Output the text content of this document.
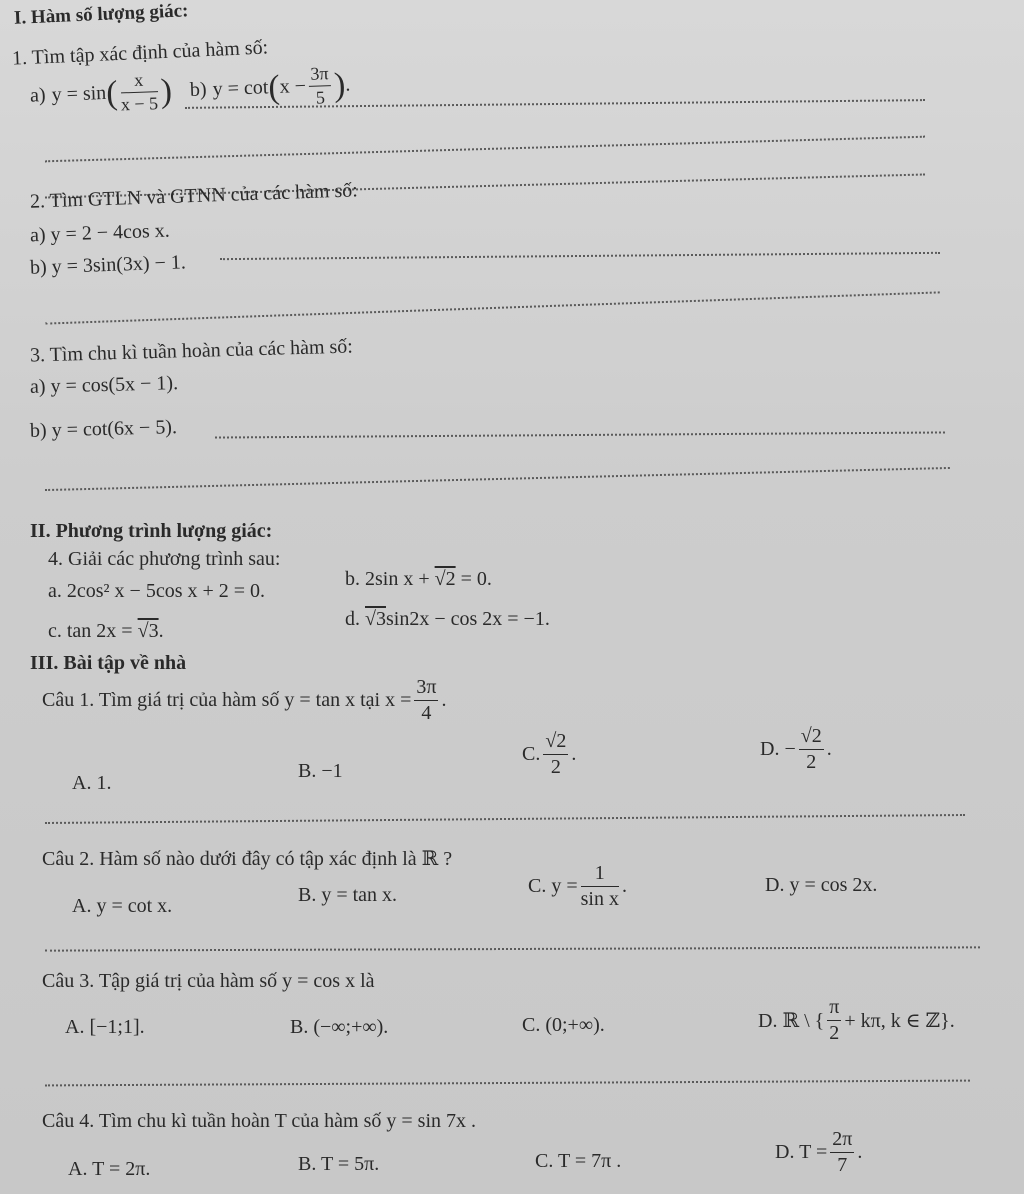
I. Hàm số lượng giác:
1. Tìm tập xác định của hàm số:
a) y = sin
( $\frac{x}{x - 5}$ ) b) y = cot
(
$x - \frac{3\pi}{5}$ )
.
2. Tìm GTLN và GTNN của các hàm số:
a) y = 2 − 4cos x.
b) y = 3sin(3x) − 1.
3. Tìm chu kì tuần hoàn của các hàm số:
a) y = cos(5x − 1).
b) y = cot(6x − 5).
II. Phương trình lượng giác:
4. Giải các phương trình sau:
a. 2cos² x − 5cos x + 2 = 0.
b. 2sin x + √2 = 0.
c. tan 2x = √3.
d. √3sin2x − cos 2x = −1.
III. Bài tập về nhà
Câu 1. Tìm giá trị của hàm số y = tan x tại $x = \frac{3\pi}{4}$ .
A. 1.
B. −1
C. $\frac{√2}{2}$ .	D. − $\frac{√2}{2}$ .
Câu 2. Hàm số nào dưới đây có tập xác định là ℝ ?
A. y = cot x.	B. y = tan x.	C. $y = \frac{1}{\text{sin x}}$ .	D. y = cos 2x.
Câu 3. Tập giá trị của hàm số y = cos x là
A. [−1;1].	B. (−∞;+∞).	C. (0;+∞).	D. ℝ \ { $\frac{\pi}{2} + k\pi$, k ∈ ℤ}.
Câu 4. Tìm chu kì tuần hoàn T của hàm số y = sin 7x .
A. T = 2π.	B. T = 5π.	C. T = 7π .	D. $T = \frac{2\pi}{7}$ .
